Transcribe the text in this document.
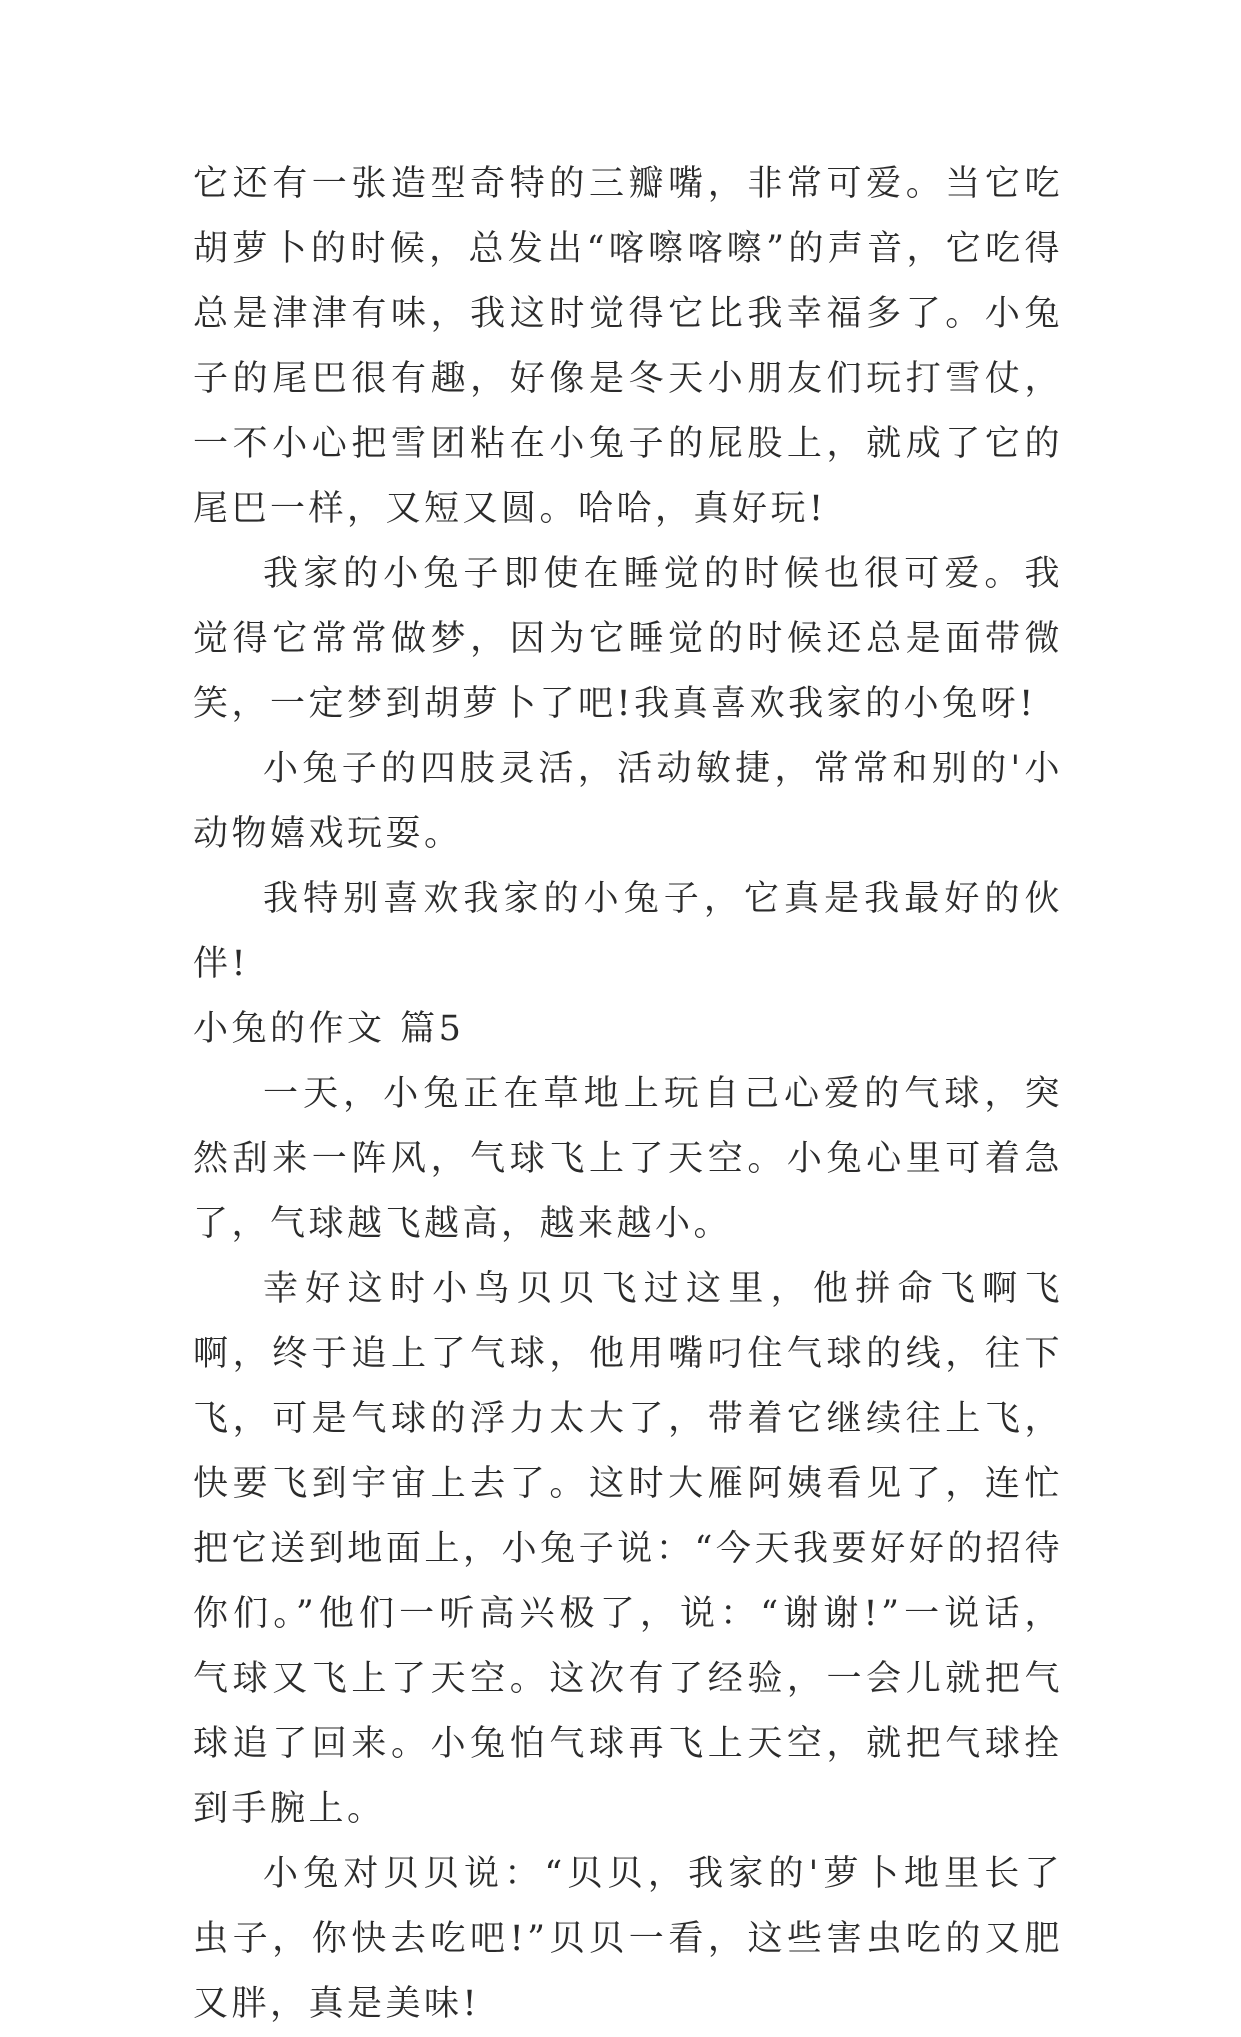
它还有一张造型奇特的三瓣嘴，非常可爱。当它吃胡萝卜的时候，总发出“喀嚓喀嚓”的声音，它吃得总是津津有味，我这时觉得它比我幸福多了。小兔子的尾巴很有趣，好像是冬天小朋友们玩打雪仗，一不小心把雪团粘在小兔子的屁股上，就成了它的尾巴一样，又短又圆。哈哈，真好玩!

我家的小兔子即使在睡觉的时候也很可爱。我觉得它常常做梦，因为它睡觉的时候还总是面带微笑，一定梦到胡萝卜了吧!我真喜欢我家的小兔呀!

小兔子的四肢灵活，活动敏捷，常常和别的'小动物嬉戏玩耍。

我特别喜欢我家的小兔子，它真是我最好的伙伴!

小兔的作文 篇5

一天，小兔正在草地上玩自己心爱的气球，突然刮来一阵风，气球飞上了天空。小兔心里可着急了，气球越飞越高，越来越小。

幸好这时小鸟贝贝飞过这里，他拼命飞啊飞啊，终于追上了气球，他用嘴叼住气球的线，往下飞，可是气球的浮力太大了，带着它继续往上飞，快要飞到宇宙上去了。这时大雁阿姨看见了，连忙把它送到地面上，小兔子说：“今天我要好好的招待你们。”他们一听高兴极了，说：“谢谢!”一说话，气球又飞上了天空。这次有了经验，一会儿就把气球追了回来。小兔怕气球再飞上天空，就把气球拴到手腕上。

小兔对贝贝说：“贝贝，我家的'萝卜地里长了虫子，你快去吃吧!”贝贝一看，这些害虫吃的又肥又胖，真是美味!
